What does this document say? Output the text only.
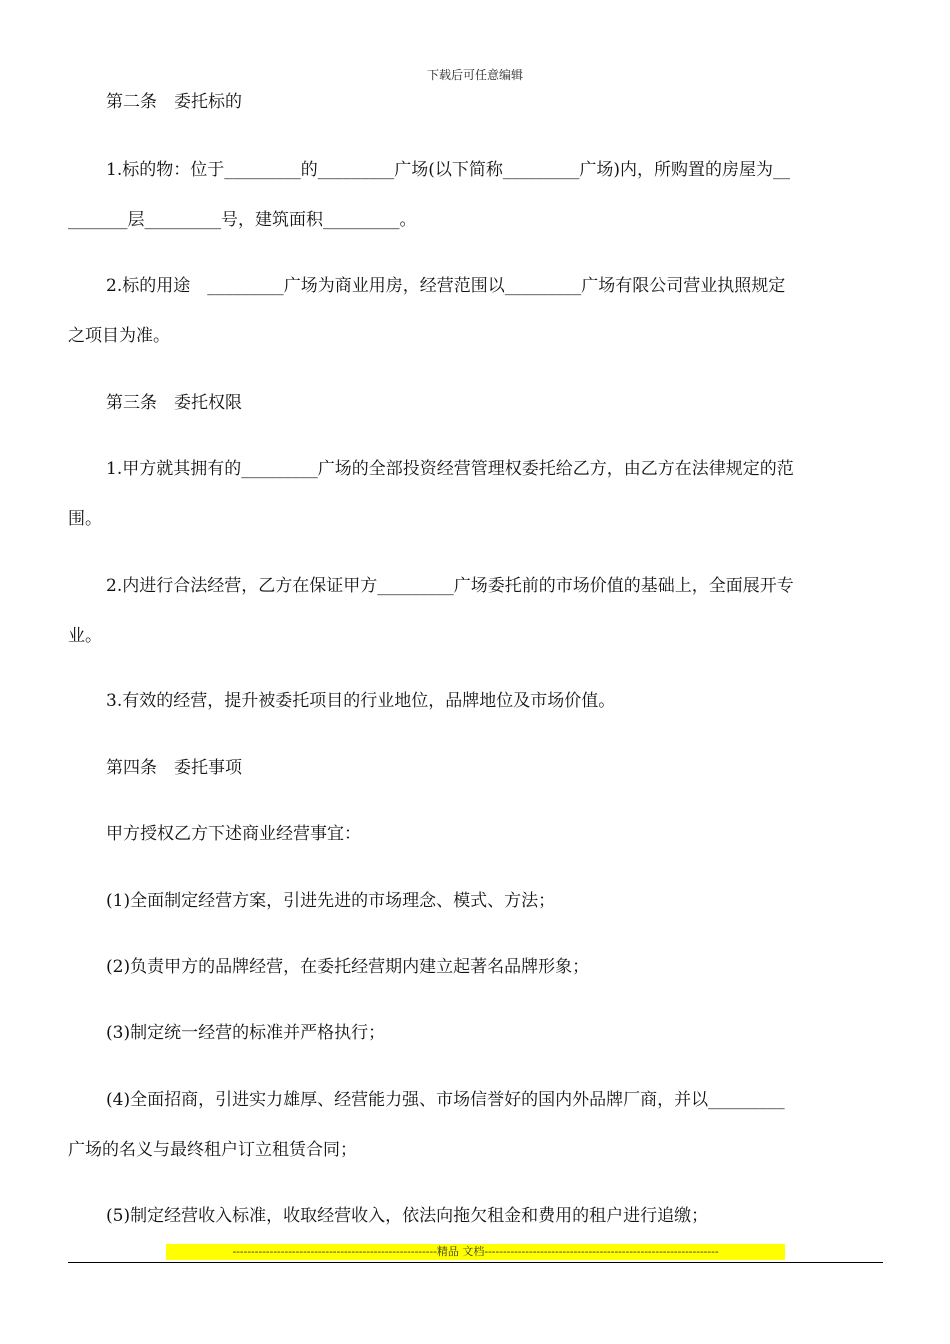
下载后可任意编辑
第二条　委托标的
1.标的物：位于_________的_________广场(以下简称_________广场)内，所购置的房屋为__
_______层_________号，建筑面积_________。
2.标的用途　_________广场为商业用房，经营范围以_________广场有限公司营业执照规定
之项目为准。
第三条　委托权限
1.甲方就其拥有的_________广场的全部投资经营管理权委托给乙方，由乙方在法律规定的范
围。
2.内进行合法经营，乙方在保证甲方_________广场委托前的市场价值的基础上，全面展开专
业。
3.有效的经营，提升被委托项目的行业地位，品牌地位及市场价值。
第四条　委托事项
甲方授权乙方下述商业经营事宜：
(1)全面制定经营方案，引进先进的市场理念、模式、方法；
(2)负责甲方的品牌经营，在委托经营期内建立起著名品牌形象；
(3)制定统一经营的标准并严格执行；
(4)全面招商，引进实力雄厚、经营能力强、市场信誉好的国内外品牌厂商，并以_________
广场的名义与最终租户订立租赁合同；
(5)制定经营收入标准，收取经营收入，依法向拖欠租金和费用的租户进行追缴；
-------------------------------------------------------精品 文档---------------------------------------------------------------
